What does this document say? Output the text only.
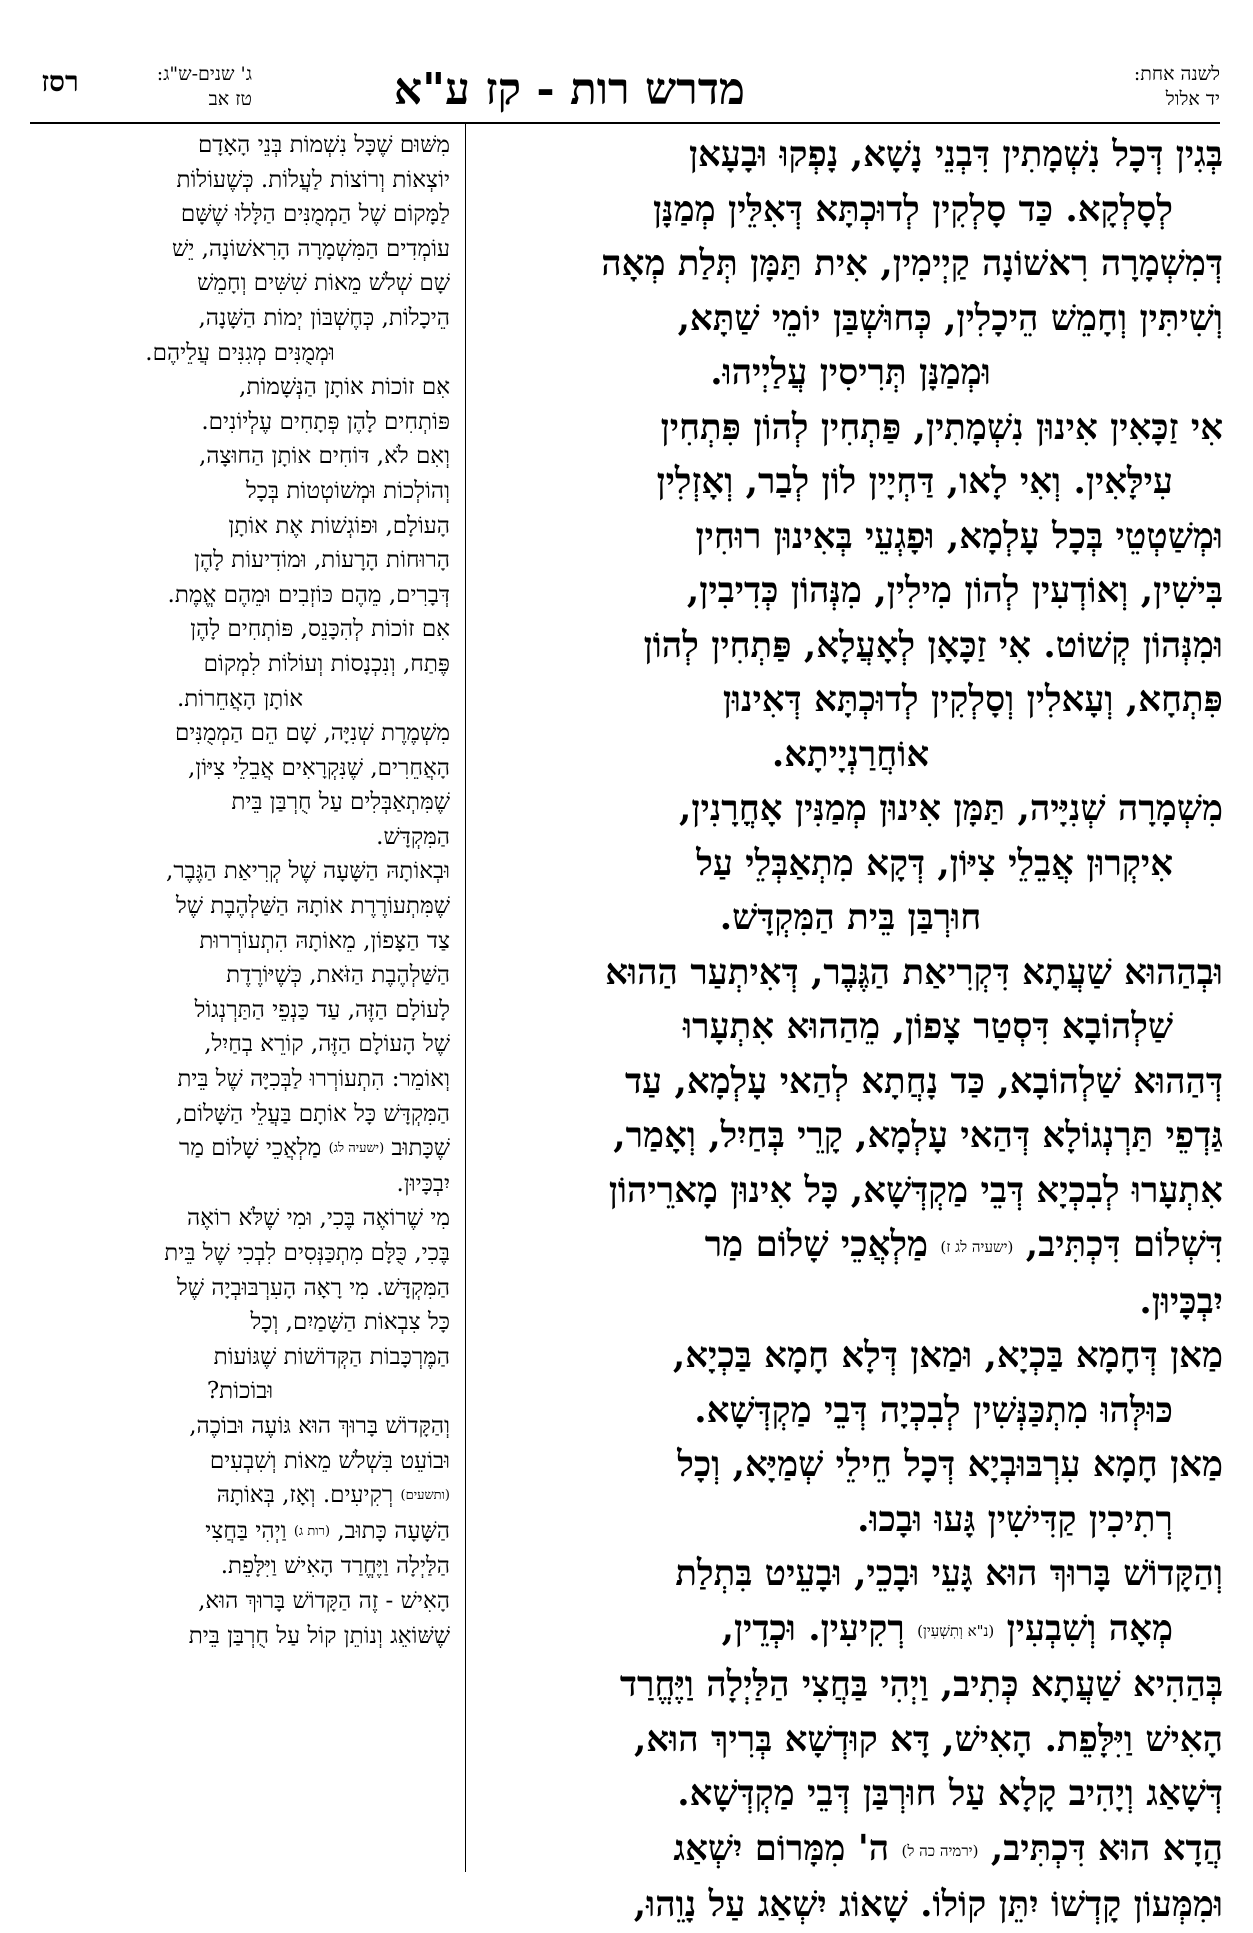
לשנה אחת:
יד אלול
מדרש רות - קז ע"א
ג' שנים-ש"ג:
טז אב
רסז

בְּגִין דְּכָל נִשְׁמָתִין דִּבְנֵי נָשָׁא, נָפְקוּ וּבָעָאן

לְסָלְקָא. כַּד סָלְקִין לְדוּכְתָּא דְּאִלֵּין מְמַנָּן

דְּמִשְׁמָרָה רִאשׁוֹנָה קַיְימִין, אִית תַּמָּן תְּלַת מְאָה

וְשִׁיתִּין וְחָמֵשׁ הֵיכָלִין, כְּחוּשְׁבַּן יוֹמֵי שַׁתָּא,

וּמְמַנָּן תְּרִיסִין עֲלַיְיהוּ.

אִי זַכָּאִין אִינוּן נִשְׁמָתִין, פַּתְחִין לְהוֹן פִּתְחִין

עִילָּאִין. וְאִי לָאו, דַּחְיָין לוֹן לְבַר, וְאָזְלִין

וּמְשַׁטְטֵי בְּכָל עָלְמָא, וּפָגְעֵי בְּאִינוּן רוּחִין

בִּישִׁין, וְאוֹדְעִין לְהוֹן מִילִין, מִנְּהוֹן כְּדִיבִין,

וּמִנְּהוֹן קְשׁוֹט. אִי זַכָּאָן לְאָעֲלָא, פַּתְחִין לְהוֹן

פִּתְחָא, וְעָאלִין וְסָלְקִין לְדוּכְתָּא דְּאִינוּן

אוֹחֲרַנְיָיתָא.

מִשְׁמָרָה שְׁנִיָּיה, תַּמָּן אִינוּן מְמַנִּין אָחֳרָנִין,

אִיקְרוּן אֲבֵלֵי צִיּוֹן, דְּקָא מִתְאַבְּלֵי עַל

חוּרְבַּן בֵּית הַמִּקְדָּשׁ.

וּבְהַהוּא שַׁעֲתָא דִּקְרִיאַת הַגֶּבֶר, דְּאִיתְעַר הַהוּא

שַׁלְהוֹבָא דִּסְטַר צָפוֹן, מֵהַהוּא אִתְעָרוּ

דְּהַהוּא שַׁלְהוֹבָא, כַּד נָחֲתָא לְהַאי עָלְמָא, עַד

גַּדְפֵי תַּרְנְגוֹלָא דְּהַאי עָלְמָא, קָרֵי בְּחַיִל, וְאָמַר,

אִתְעָרוּ לְבִכְיָא דְּבֵי מַקְדְּשָׁא, כָּל אִינוּן מָארֵיהוֹן

דִּשְׁלוֹם דִּכְתִּיב, (ישעיה לג ז) מַלְאֲכֵי שָׁלוֹם מַר

יִבְכָּיוּן.

מַאן דְּחָמָא בַּכְיָא, וּמַאן דְּלָא חָמָא בַּכְיָא,

כּוּלְּהוּ מִתְכַּנְּשִׁין לְבִכְיָה דְּבֵי מַקְדְּשָׁא.

מַאן חָמָא עִרְבּוּבְיָא דְּכָל חֵילֵי שְׁמַיָּא, וְכָל

רְתִיכִין קַדִּישִׁין גָּעוּ וּבָכוּ.

וְהַקָּדוֹשׁ בָּרוּךְ הוּא גָּעֵי וּבָכֵי, וּבָעֵיט בִּתְלַת

מְאָה וְשִׁבְעִין (נ"א וְתִשְׁעִין) רְקִיעִין. וּכְדֵין,

בְּהַהִיא שַׁעֲתָא כְּתִיב, וַיְהִי בַּחֲצִי הַלַּיְלָה וַיֶּחֱרַד

הָאִישׁ וַיִּלָּפֵת. הָאִישׁ, דָּא קוּדְשָׁא בְּרִיךְ הוּא,

דְּשָׁאַג וְיָהִיב קָלָא עַל חוּרְבַּן דְּבֵי מַקְדְּשָׁא.

הֲדָא הוּא דִּכְתִּיב, (ירמיה כה ל) ה' מִמָּרוֹם יִשְׁאַג

וּמִמְּעוֹן קָדְשׁוֹ יִתֵּן קוֹלוֹ. שָׁאוֹג יִשְׁאַג עַל נָוֵהוּ,

מִשּׁוּם שֶׁכָּל נִשְׁמוֹת בְּנֵי הָאָדָם

יוֹצְאוֹת וְרוֹצוֹת לַעֲלוֹת. כְּשֶׁעוֹלוֹת

לַמָּקוֹם שֶׁל הַמְמֻנִּים הַלָּלוּ שֶׁשָּׁם

עוֹמְדִים הַמִּשְׁמָרָה הָרִאשׁוֹנָה, יֵשׁ

שָׁם שְׁלֹשׁ מֵאוֹת שִׁשִּׁים וְחָמֵשׁ

הֵיכָלוֹת, כְּחֶשְׁבּוֹן יְמוֹת הַשָּׁנָה,

וּמְמֻנִּים מְגִנִּים עֲלֵיהֶם.

אִם זוֹכוֹת אוֹתָן הַנְּשָׁמוֹת,

פּוֹתְחִים לָהֶן פְּתָחִים עֶלְיוֹנִים.

וְאִם לֹא, דּוֹחִים אוֹתָן הַחוּצָה,

וְהוֹלְכוֹת וּמְשׁוֹטְטוֹת בְּכָל

הָעוֹלָם, וּפוֹגְשׁוֹת אֶת אוֹתָן

הָרוּחוֹת הָרָעוֹת, וּמוֹדִיעוֹת לָהֶן

דְּבָרִים, מֵהֶם כּוֹזְבִים וּמֵהֶם אֱמֶת.

אִם זוֹכוֹת לְהִכָּנֵס, פּוֹתְחִים לָהֶן

פֶּתַח, וְנִכְנָסוֹת וְעוֹלוֹת לִמְקוֹם

אוֹתָן הָאֲחֵרוֹת.

מִשְׁמֶרֶת שְׁנִיָּה, שָׁם הֵם הַמְמֻנִּים

הָאֲחֵרִים, שֶׁנִּקְרָאִים אֲבֵלֵי צִיּוֹן,

שֶׁמִּתְאַבְּלִים עַל חֻרְבַּן בֵּית

הַמִּקְדָּשׁ.

וּבְאוֹתָהּ הַשָּׁעָה שֶׁל קְרִיאַת הַגֶּבֶר,

שֶׁמִּתְעוֹרֶרֶת אוֹתָהּ הַשַּׁלְהֶבֶת שֶׁל

צַד הַצָּפוֹן, מֵאוֹתָהּ הִתְעוֹרְרוּת

הַשַּׁלְהֶבֶת הַזֹּאת, כְּשֶׁיּוֹרֶדֶת

לָעוֹלָם הַזֶּה, עַד כַּנְפֵי הַתַּרְנְגוֹל

שֶׁל הָעוֹלָם הַזֶּה, קוֹרֵא בְחַיִל,

וְאוֹמֵר: הִתְעוֹרְרוּ לַבְּכִיָּה שֶׁל בֵּית

הַמִּקְדָּשׁ כָּל אוֹתָם בַּעֲלֵי הַשָּׁלוֹם,

שֶׁכָּתוּב (ישעיה לג) מַלְאֲכֵי שָׁלוֹם מַר

יִבְכָּיוּן.

מִי שֶׁרוֹאֶה בֶּכִי, וּמִי שֶׁלֹּא רוֹאֶה

בֶּכִי, כֻּלָּם מִתְכַּנְּסִים לִבְכִי שֶׁל בֵּית

הַמִּקְדָּשׁ. מִי רָאָה הָעִרְבּוּבְיָה שֶׁל

כָּל צִבְאוֹת הַשָּׁמַיִם, וְכָל

הַמֶּרְכָּבוֹת הַקְּדוֹשׁוֹת שֶׁגּוֹעוֹת

וּבוֹכוֹת?

וְהַקָּדוֹשׁ בָּרוּךְ הוּא גּוֹעֶה וּבוֹכֶה,

וּבוֹעֵט בִּשְׁלֹשׁ מֵאוֹת וְשִׁבְעִים

(ותשעים) רְקִיעִים. וְאָז, בְּאוֹתָהּ

הַשָּׁעָה כָּתוּב, (רות ג) וַיְהִי בַּחֲצִי

הַלַּיְלָה וַיֶּחֱרַד הָאִישׁ וַיִּלָּפֵת.

הָאִישׁ - זֶה הַקָּדוֹשׁ בָּרוּךְ הוּא,

שֶׁשּׁוֹאֵג וְנוֹתֵן קוֹל עַל חֻרְבַּן בֵּית
